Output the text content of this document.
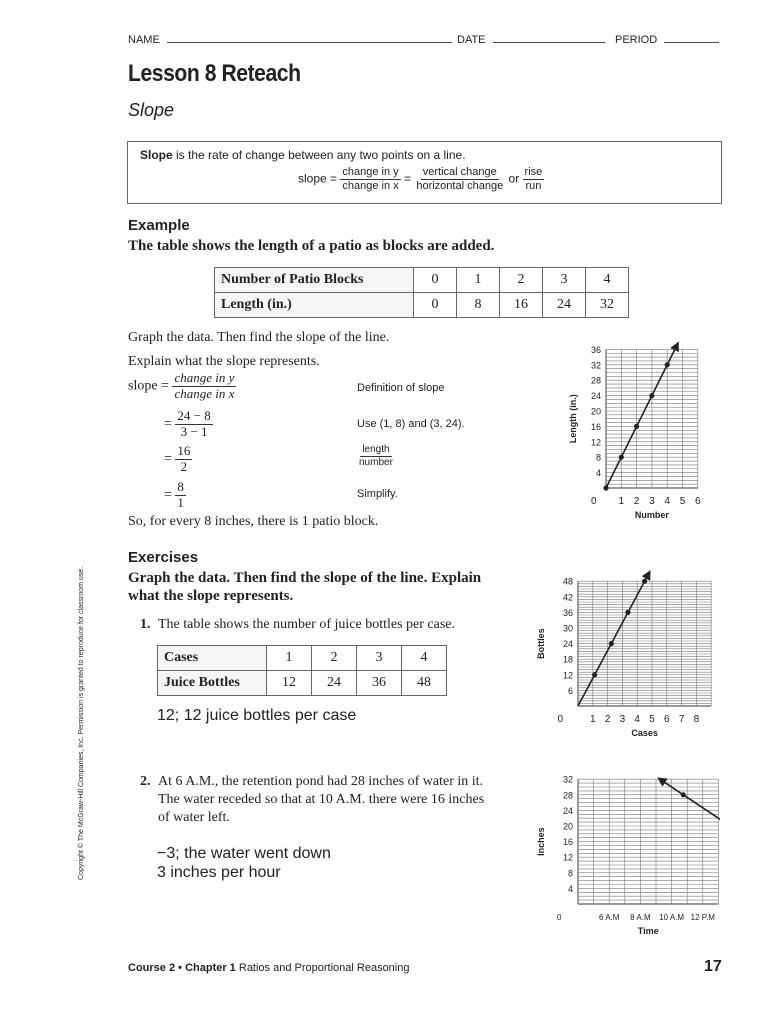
NAME	DATE	PERIOD
Lesson 8 Reteach
Slope
Slope is the rate of change between any two points on a line.
slope = $\frac{\text{change in y}}{\text{change in x}} = \frac{\text{vertical change}}{\text{horizontal change}}$ or $\frac{\text{rise}}{\text{run}}$
Example
The table shows the length of a patio as blocks are added.
Number of Patio Blocks	0	1	2	3	4
Length (in.)	0	8	16	24	32
Graph the data. Then find the slope of the line.
Explain what the slope represents.
slope = $\frac{\text{change in y}}{\text{change in x}}$	Definition of slope
= $\frac{24 - 8}{3 - 1}$	Use (1, 8) and (3, 24).
= $\frac{16}{2}$	$\frac{\text{length}}{\text{number}}$
= $\frac{8}{1}$	Simplify.
So, for every 8 inches, there is 1 patio block.
Exercises
Graph the data. Then find the slope of the line. Explain
what the slope represents.
1. The table shows the number of juice bottles per case.
Cases	1	2	3	4
Juice Bottles	12	24	36	48
12; 12 juice bottles per case
2. At 6 A.M., the retention pond had 28 inches of water in it.
The water receded so that at 10 A.M. there were 16 inches
of water left.
−3; the water went down
3 inches per hour
Copyright © The McGraw-Hill Companies, Inc. Permission is granted to reproduce for classroom use.
Course 2 • Chapter 1 Ratios and Proportional Reasoning	17
0 1 2 3 4 5 6
4
8
12
16
20
24
28
32
36
Number
Length (in.)
0	1 2 3 4 5 6 7 8
6
12
18
24
30
36
42
48
Cases
Bottles
0	6 A.M 8 A.M 10 A.M 12 P.M
4
8
12
16
20
24
28
32
Time
Inches
